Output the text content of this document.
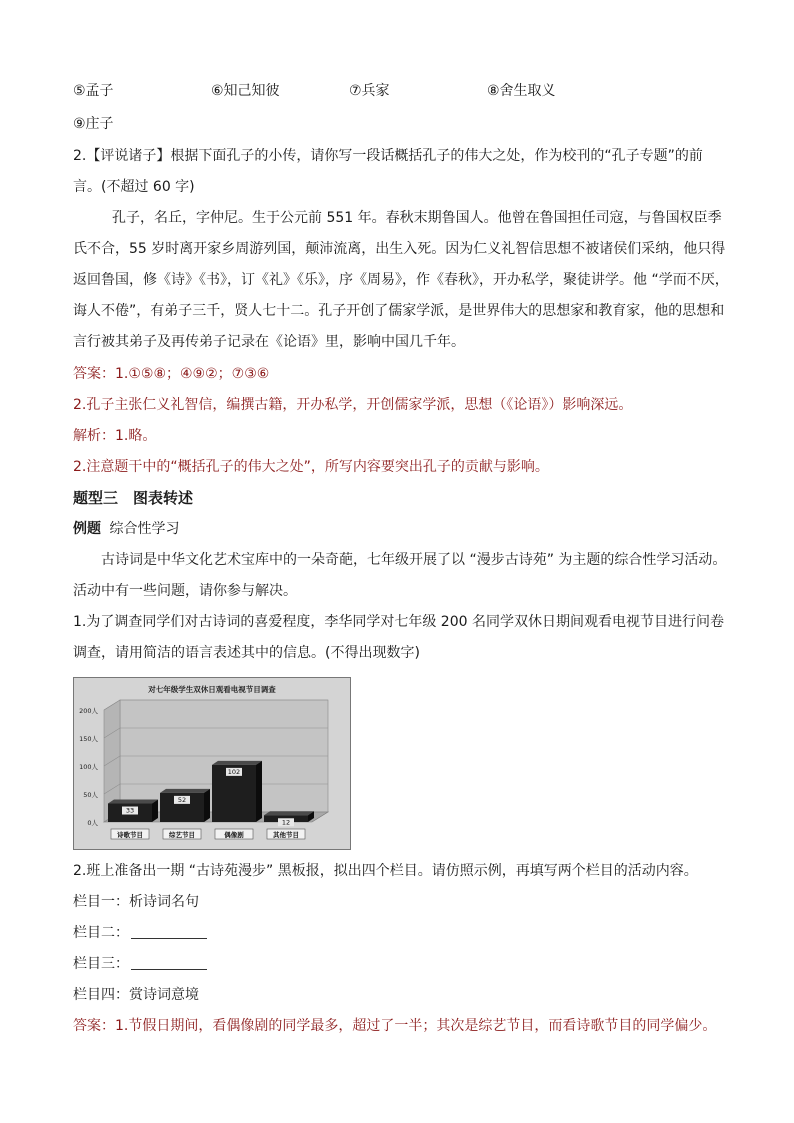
⑤孟子	⑥知己知彼	⑦兵家	⑧舍生取义
⑨庄子
2.【评说诸子】根据下面孔子的小传，请你写一段话概括孔子的伟大之处，作为校刊的“孔子专题”的前
言。(不超过 60 字)
孔子，名丘，字仲尼。生于公元前 551 年。春秋末期鲁国人。他曾在鲁国担任司寇，与鲁国权臣季
氏不合，55 岁时离开家乡周游列国，颠沛流离，出生入死。因为仁义礼智信思想不被诸侯们采纳，他只得
返回鲁国，修《诗》《书》，订《礼》《乐》，序《周易》，作《春秋》，开办私学，聚徒讲学。他 “学而不厌，
诲人不倦”，有弟子三千，贤人七十二。孔子开创了儒家学派，是世界伟大的思想家和教育家，他的思想和
言行被其弟子及再传弟子记录在《论语》里，影响中国几千年。
答案：1.①⑤⑧；④⑨②；⑦③⑥
2.孔子主张仁义礼智信，编撰古籍，开办私学，开创儒家学派，思想（《论语》）影响深远。
解析：1.略。
2.注意题干中的“概括孔子的伟大之处”，所写内容要突出孔子的贡献与影响。
题型三　图表转述
例题 综合性学习
古诗词是中华文化艺术宝库中的一朵奇葩，七年级开展了以 “漫步古诗苑” 为主题的综合性学习活动。
活动中有一些问题，请你参与解决。
1.为了调查同学们对古诗词的喜爱程度，李华同学对七年级 200 名同学双休日期间观看电视节目进行问卷
调查，请用简洁的语言表述其中的信息。(不得出现数字)
对七年级学生双休日观看电视节目调查
0人
50人
100人
150人
200人
33
诗歌节目
52
综艺节目
102
偶像剧
12
其他节目
2.班上准备出一期 “古诗苑漫步” 黑板报，拟出四个栏目。请仿照示例，再填写两个栏目的活动内容。
栏目一：析诗词名句
栏目二：
栏目三：
栏目四：赏诗词意境
答案：1.节假日期间，看偶像剧的同学最多，超过了一半；其次是综艺节目，而看诗歌节目的同学偏少。
